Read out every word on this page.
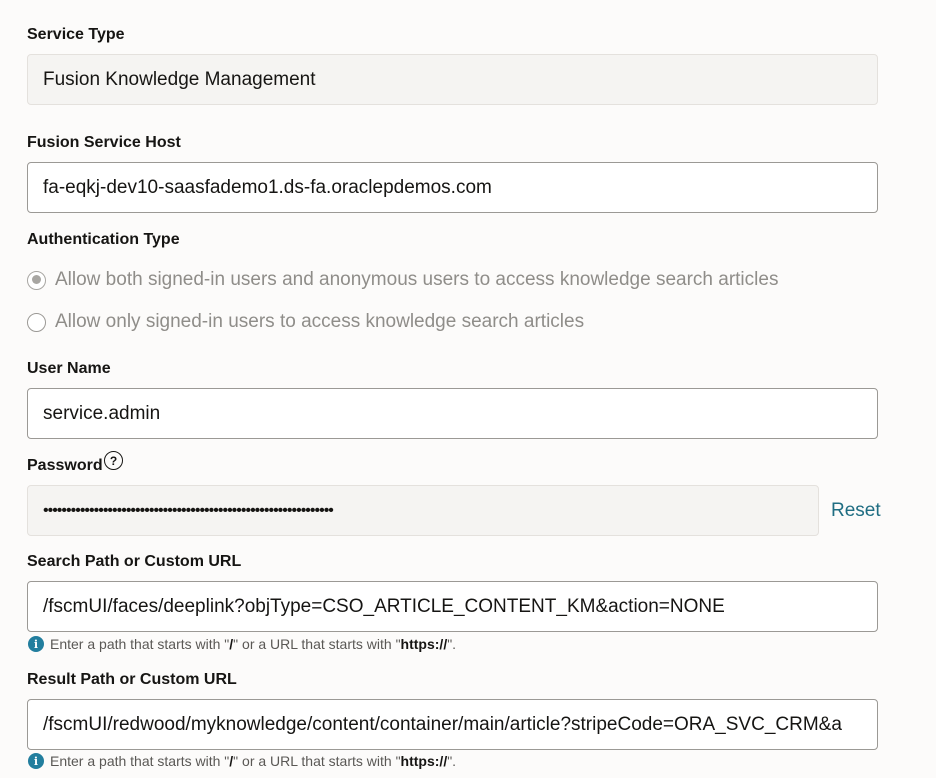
Service Type
Fusion Knowledge Management
Fusion Service Host
fa-eqkj-dev10-saasfademo1.ds-fa.oraclepdemos.com
Authentication Type
Allow both signed-in users and anonymous users to access knowledge search articles
Allow only signed-in users to access knowledge search articles
User Name
service.admin
Password ?
•••••••••••••••••••••••••••••••••••••••••••••••••••••••••••••••	Reset
Search Path or Custom URL
/fscmUI/faces/deeplink?objType=CSO_ARTICLE_CONTENT_KM&action=NONE
i Enter a path that starts with " / " or a URL that starts with " https:// ".
Result Path or Custom URL
/fscmUI/redwood/myknowledge/content/container/main/article?stripeCode=ORA_SVC_CRM&a
i Enter a path that starts with " / " or a URL that starts with " https:// ".
